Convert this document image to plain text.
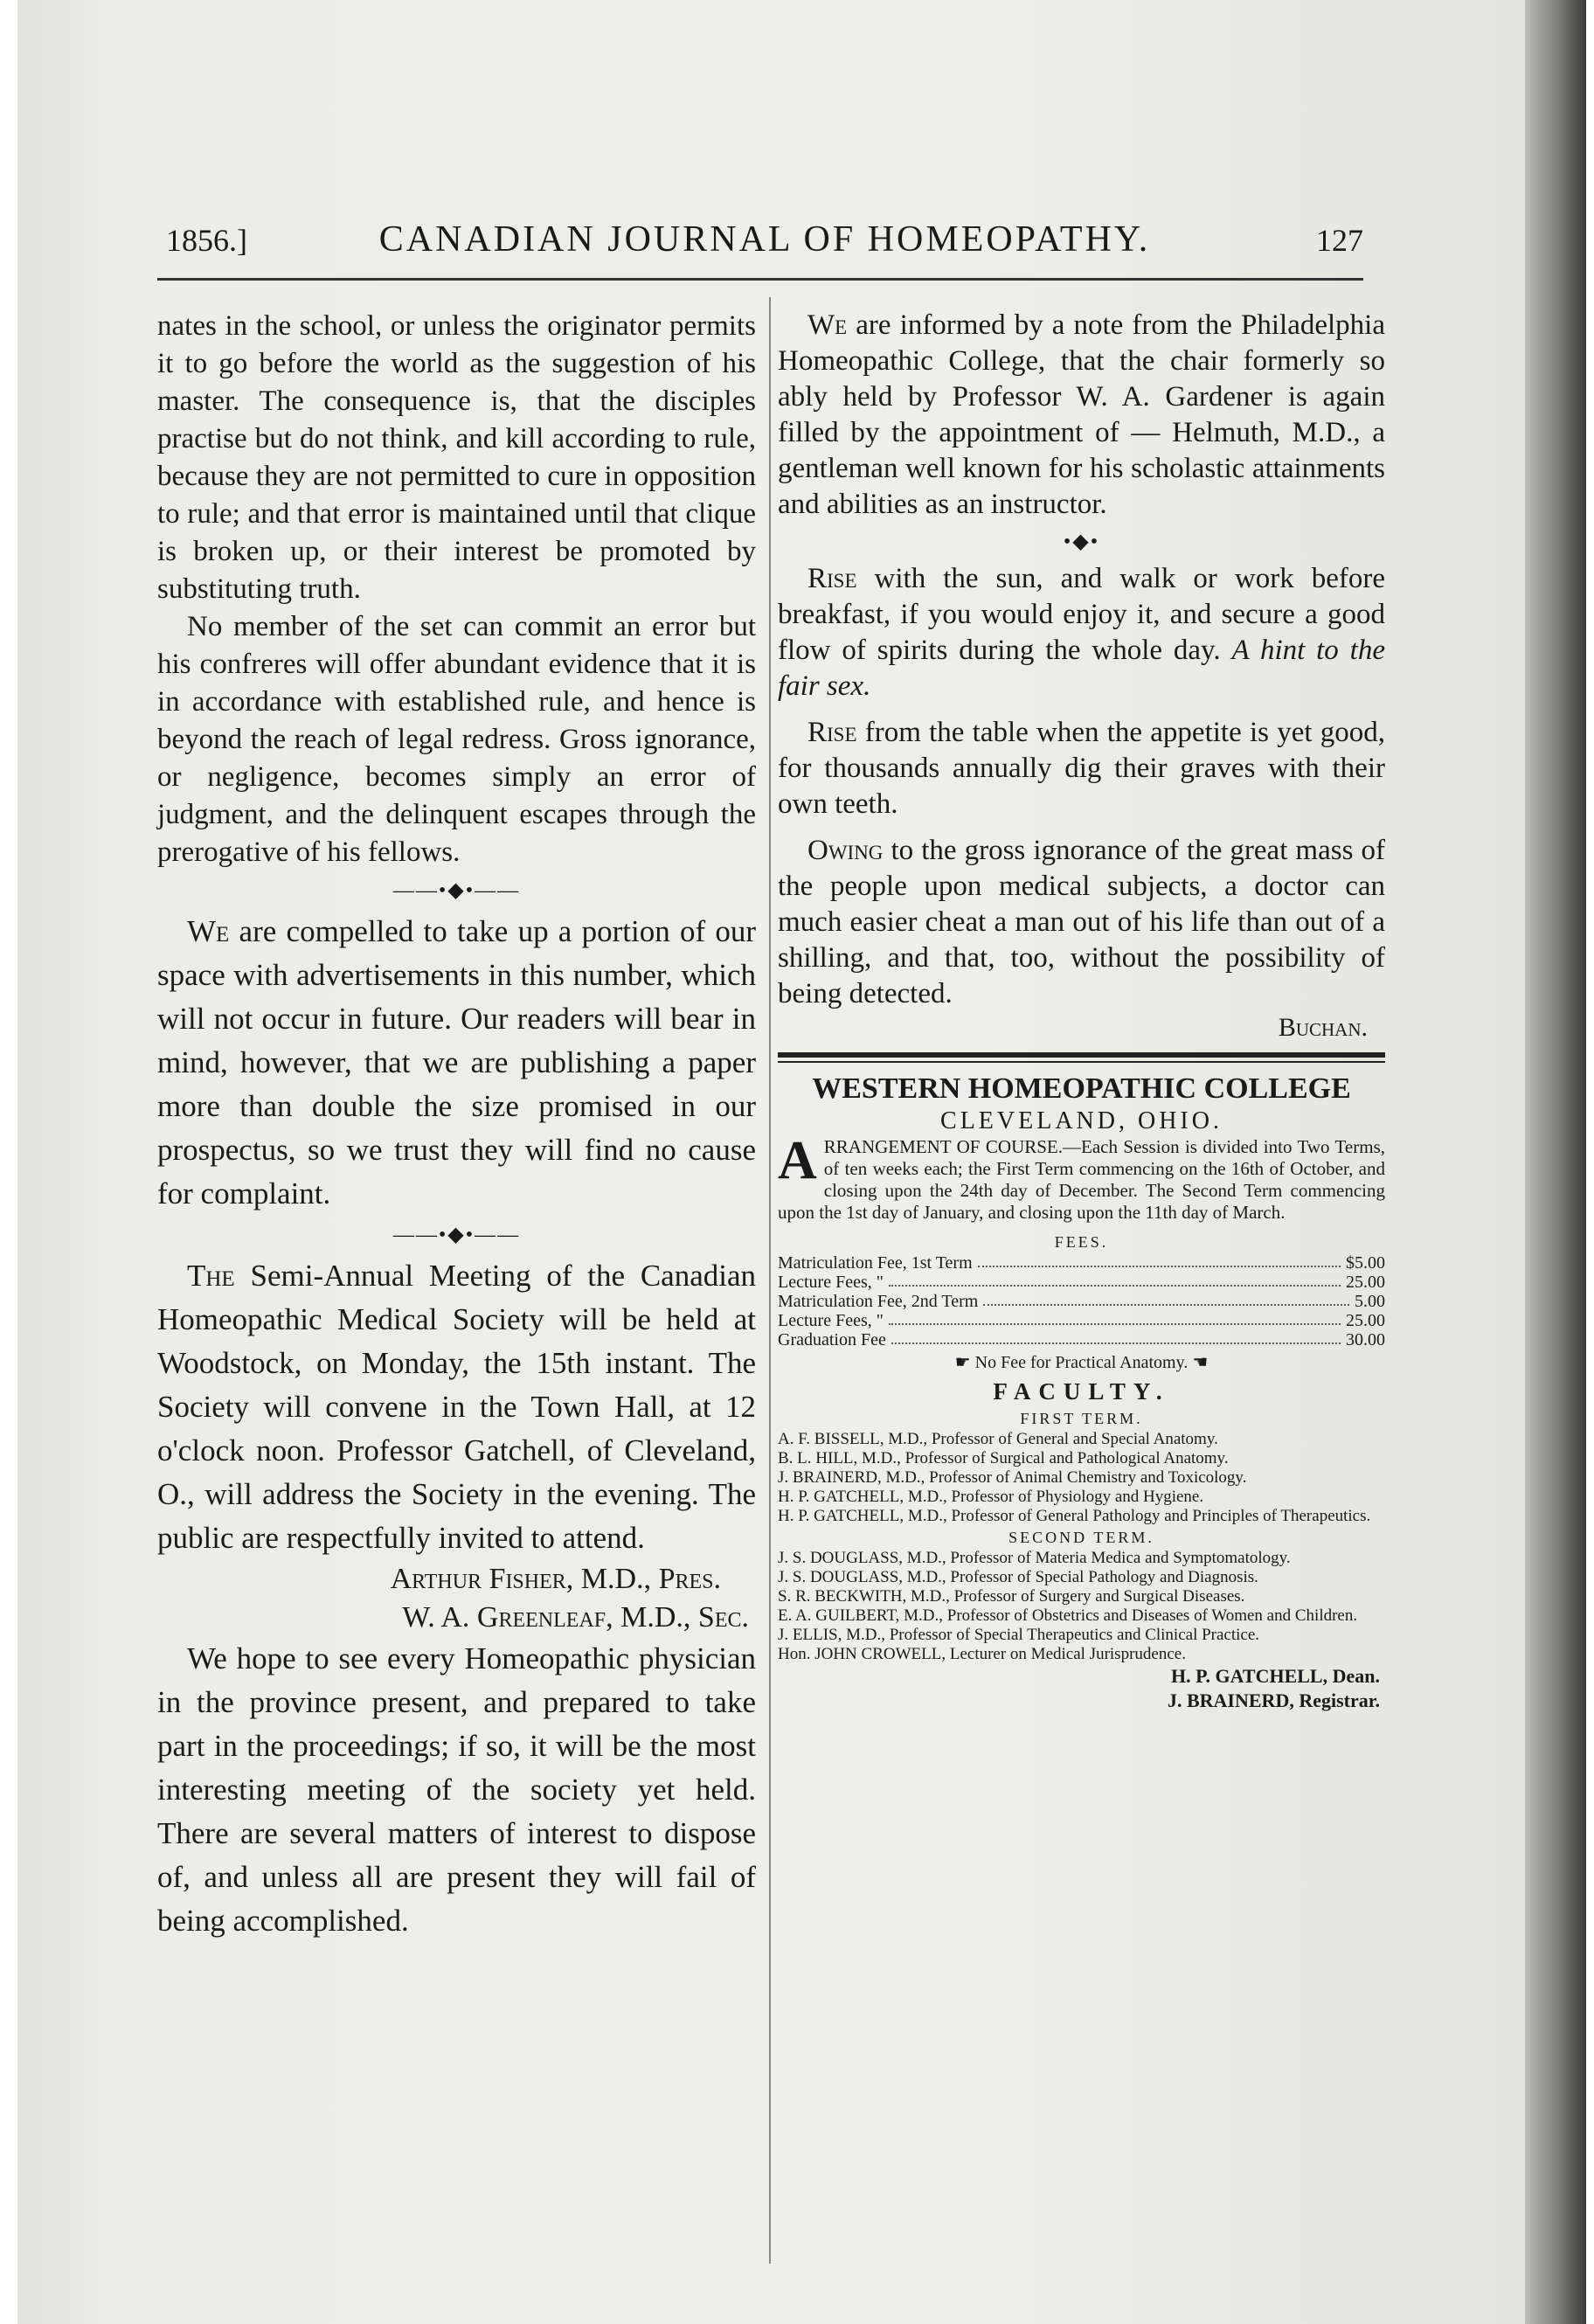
1856.]	CANADIAN JOURNAL OF HOMEOPATHY.	127

nates in the school, or unless the originator permits it to go before the world as the suggestion of his master. The consequence is, that the disciples practise but do not think, and kill according to rule, because they are not permitted to cure in opposition to rule; and that error is maintained until that clique is broken up, or their interest be promoted by substituting truth.

No member of the set can commit an error but his confreres will offer abundant evidence that it is in accordance with established rule, and hence is beyond the reach of legal redress. Gross ignorance, or negligence, becomes simply an error of judgment, and the delinquent escapes through the prerogative of his fellows.

——•◆•——

We are compelled to take up a portion of our space with advertisements in this number, which will not occur in future. Our readers will bear in mind, however, that we are publishing a paper more than double the size promised in our prospectus, so we trust they will find no cause for complaint.

——•◆•——

The Semi-Annual Meeting of the Canadian Homeopathic Medical Society will be held at Woodstock, on Monday, the 15th instant. The Society will convene in the Town Hall, at 12 o'clock noon. Professor Gatchell, of Cleveland, O., will address the Society in the evening. The public are respectfully invited to attend.

Arthur Fisher, M.D., Pres.
W. A. Greenleaf, M.D., Sec.

We hope to see every Homeopathic physician in the province present, and prepared to take part in the proceedings; if so, it will be the most interesting meeting of the society yet held. There are several matters of interest to dispose of, and unless all are present they will fail of being accomplished.

We are informed by a note from the Philadelphia Homeopathic College, that the chair formerly so ably held by Professor W. A. Gardener is again filled by the appointment of — Helmuth, M.D., a gentleman well known for his scholastic attainments and abilities as an instructor.

•◆•

Rise with the sun, and walk or work before breakfast, if you would enjoy it, and secure a good flow of spirits during the whole day. A hint to the fair sex.

Rise from the table when the appetite is yet good, for thousands annually dig their graves with their own teeth.

Owing to the gross ignorance of the great mass of the people upon medical subjects, a doctor can much easier cheat a man out of his life than out of a shilling, and that, too, without the possibility of being detected.

Buchan.
WESTERN HOMEOPATHIC COLLEGE
CLEVELAND, OHIO.

ARRANGEMENT OF COURSE.—Each Session is divided into Two Terms, of ten weeks each; the First Term commencing on the 16th of October, and closing upon the 24th day of December. The Second Term commencing upon the 1st day of January, and closing upon the 11th day of March.

FEES.
Matriculation Fee, 1st Term	$5.00
Lecture Fees, "	25.00
Matriculation Fee, 2nd Term	5.00
Lecture Fees, "	25.00
Graduation Fee	30.00
☛ No Fee for Practical Anatomy. ☚
FACULTY.
FIRST TERM.

A. F. BISSELL, M.D., Professor of General and Special Anatomy.

B. L. HILL, M.D., Professor of Surgical and Pathological Anatomy.

J. BRAINERD, M.D., Professor of Animal Chemistry and Toxicology.

H. P. GATCHELL, M.D., Professor of Physiology and Hygiene.

H. P. GATCHELL, M.D., Professor of General Pathology and Principles of Therapeutics.

SECOND TERM.

J. S. DOUGLASS, M.D., Professor of Materia Medica and Symptomatology.

J. S. DOUGLASS, M.D., Professor of Special Pathology and Diagnosis.

S. R. BECKWITH, M.D., Professor of Surgery and Surgical Diseases.

E. A. GUILBERT, M.D., Professor of Obstetrics and Diseases of Women and Children.

J. ELLIS, M.D., Professor of Special Therapeutics and Clinical Practice.

Hon. JOHN CROWELL, Lecturer on Medical Jurisprudence.

H. P. GATCHELL, Dean.
J. BRAINERD, Registrar.
